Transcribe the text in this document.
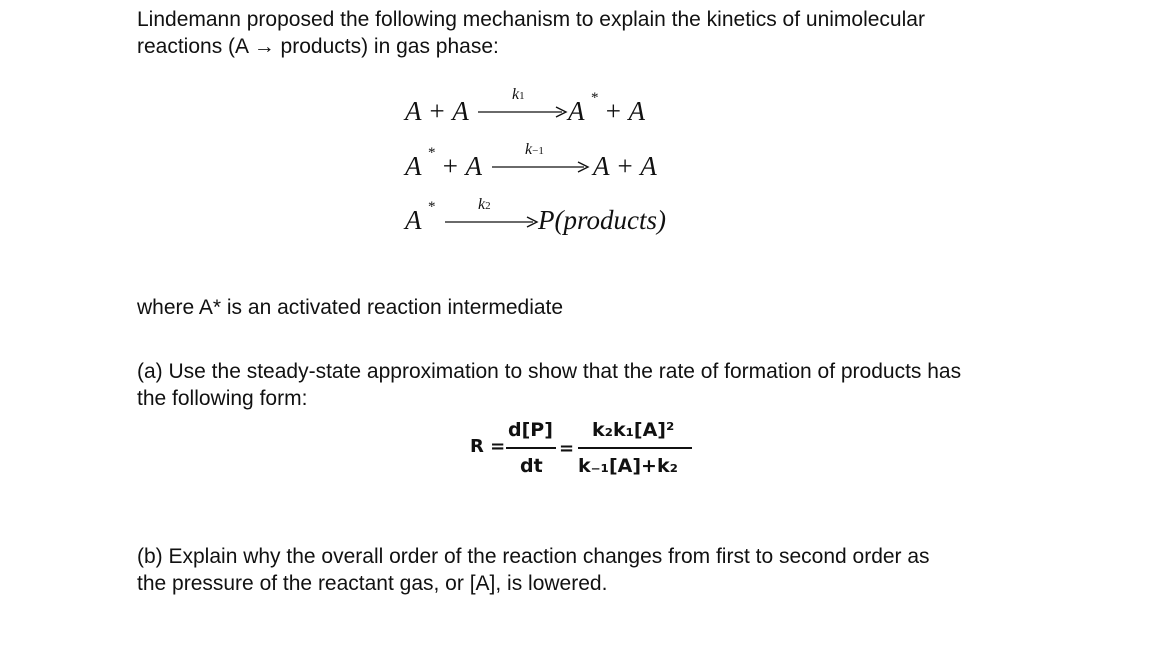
Lindemann proposed the following mechanism to explain the kinetics of unimolecular
reactions (A → products) in gas phase:
A + A
k1 A * + A
A * + A
k−1 A + A
A *	k2 P(products)
where A* is an activated reaction intermediate
(a) Use the steady-state approximation to show that the rate of formation of products has
the following form:
R =
d[P]
dt
=
k₂k₁[A]²
k₋₁[A]+k₂
(b) Explain why the overall order of the reaction changes from first to second order as
the pressure of the reactant gas, or [A], is lowered.
